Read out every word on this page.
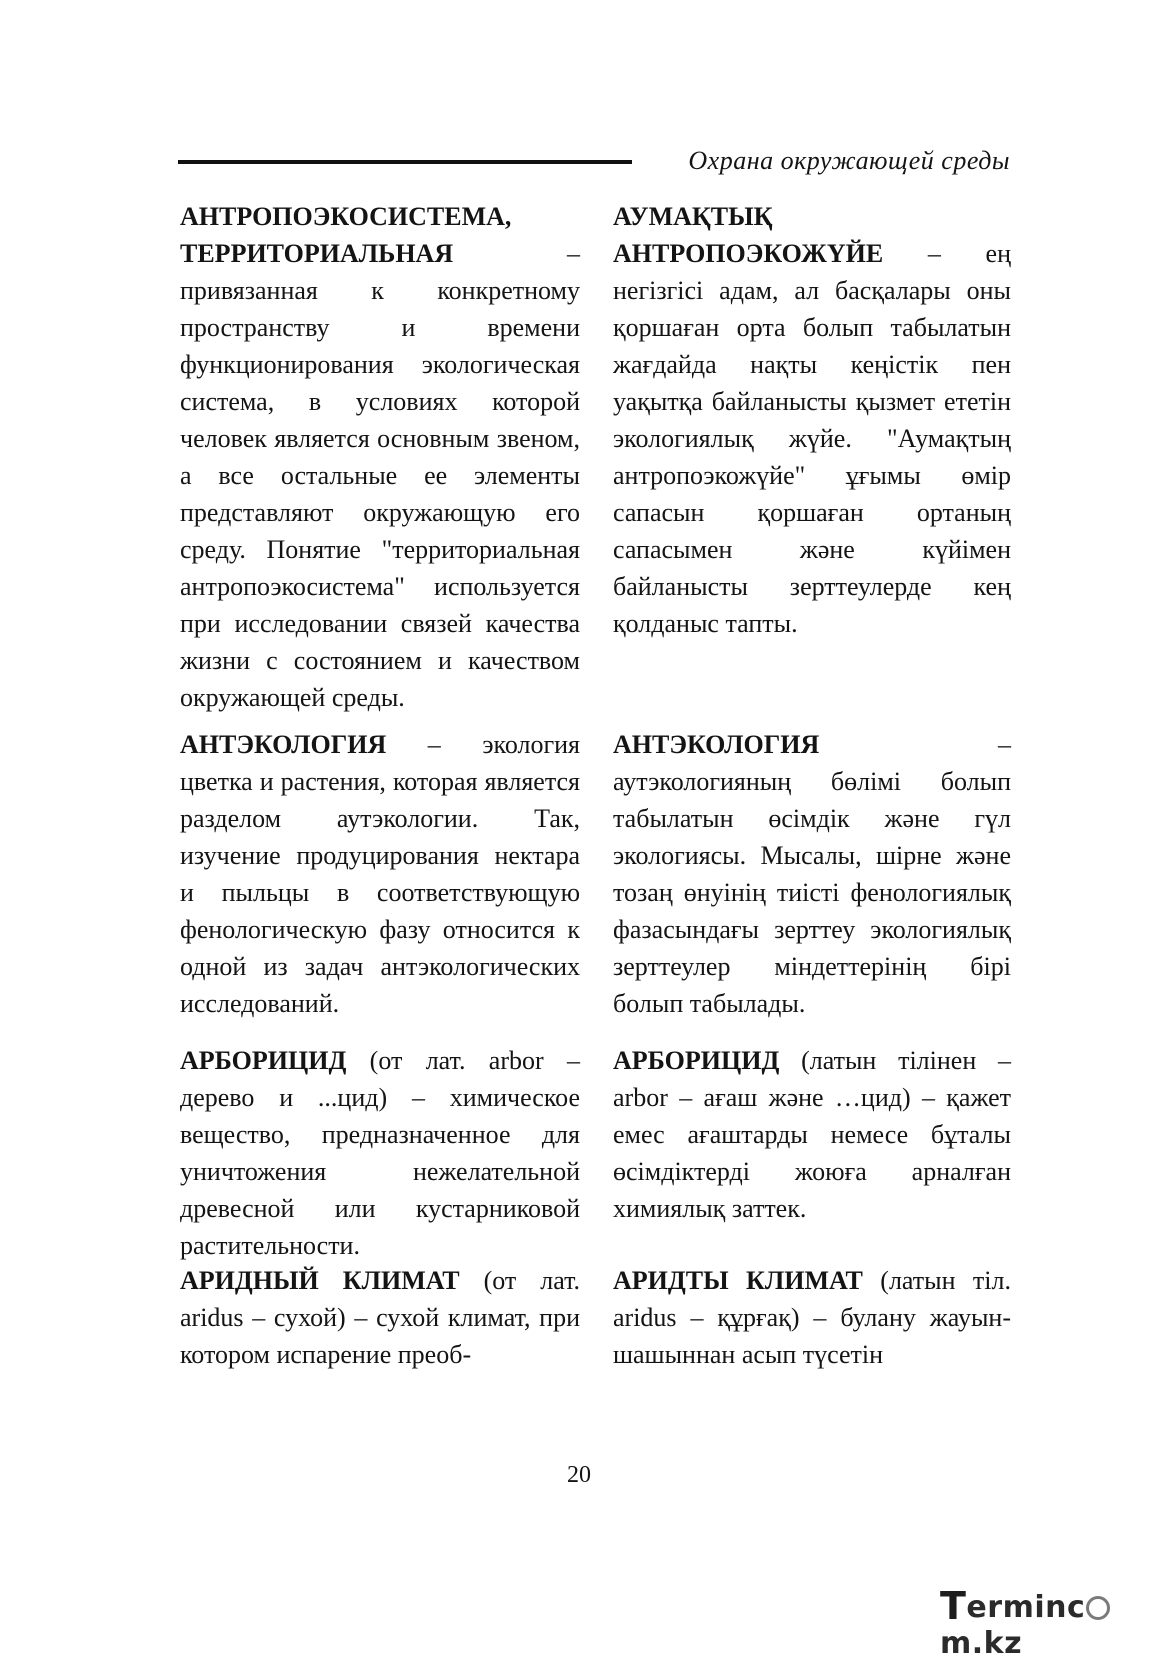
Охрана окружающей среды
АНТРОПОЭКОСИСТЕМА, ТЕРРИТОРИАЛЬНАЯ – привязанная к конкретному пространству и времени функционирования экологическая система, в условиях которой человек является основным звеном, а все остальные ее элементы представляют окружающую его среду. Понятие "территориальная антропоэкосистема" используется при исследовании связей качества жизни с состоянием и качеством окружающей среды.
АНТЭКОЛОГИЯ – экология цветка и растения, которая является разделом аутэкологии. Так, изучение продуцирования нектара и пыльцы в соответствующую фенологическую фазу относится к одной из задач антэкологических исследований.
АРБОРИЦИД (от лат. arbor – дерево и ...цид) – химическое вещество, предназначенное для уничтожения нежелательной древесной или кустарниковой растительности.
АРИДНЫЙ КЛИМАТ (от лат. aridus – сухой) – сухой климат, при котором испарение преоб-
АУМАҚТЫҚ АНТРОПОЭКОЖҮЙЕ – ең негізгісі адам, ал басқалары оны қоршаған орта болып табылатын жағдайда нақты кеңістік пен уақытқа байланысты қызмет ететін экологиялық жүйе. "Аумақтың антропоэкожүйе" ұғымы өмір сапасын қоршаған ортаның сапасымен және күйімен байланысты зерттеулерде кең қолданыс тапты.
АНТЭКОЛОГИЯ – аутэкологияның бөлімі болып табылатын өсімдік және гүл экологиясы. Мысалы, шірне және тозаң өнуінің тиісті фенологиялық фазасындағы зерттеу экологиялық зерттеулер міндеттерінің бірі болып табылады.
АРБОРИЦИД (латын тілінен – arbor – ағаш және …цид) – қажет емес ағаштарды немесе бұталы өсімдіктерді жоюға арналған химиялық заттек.
АРИДТЫ КЛИМАТ (латын тіл. aridus – құрғақ) – булану жауын-шашыннан асып түсетін
20
Termincm.kz
